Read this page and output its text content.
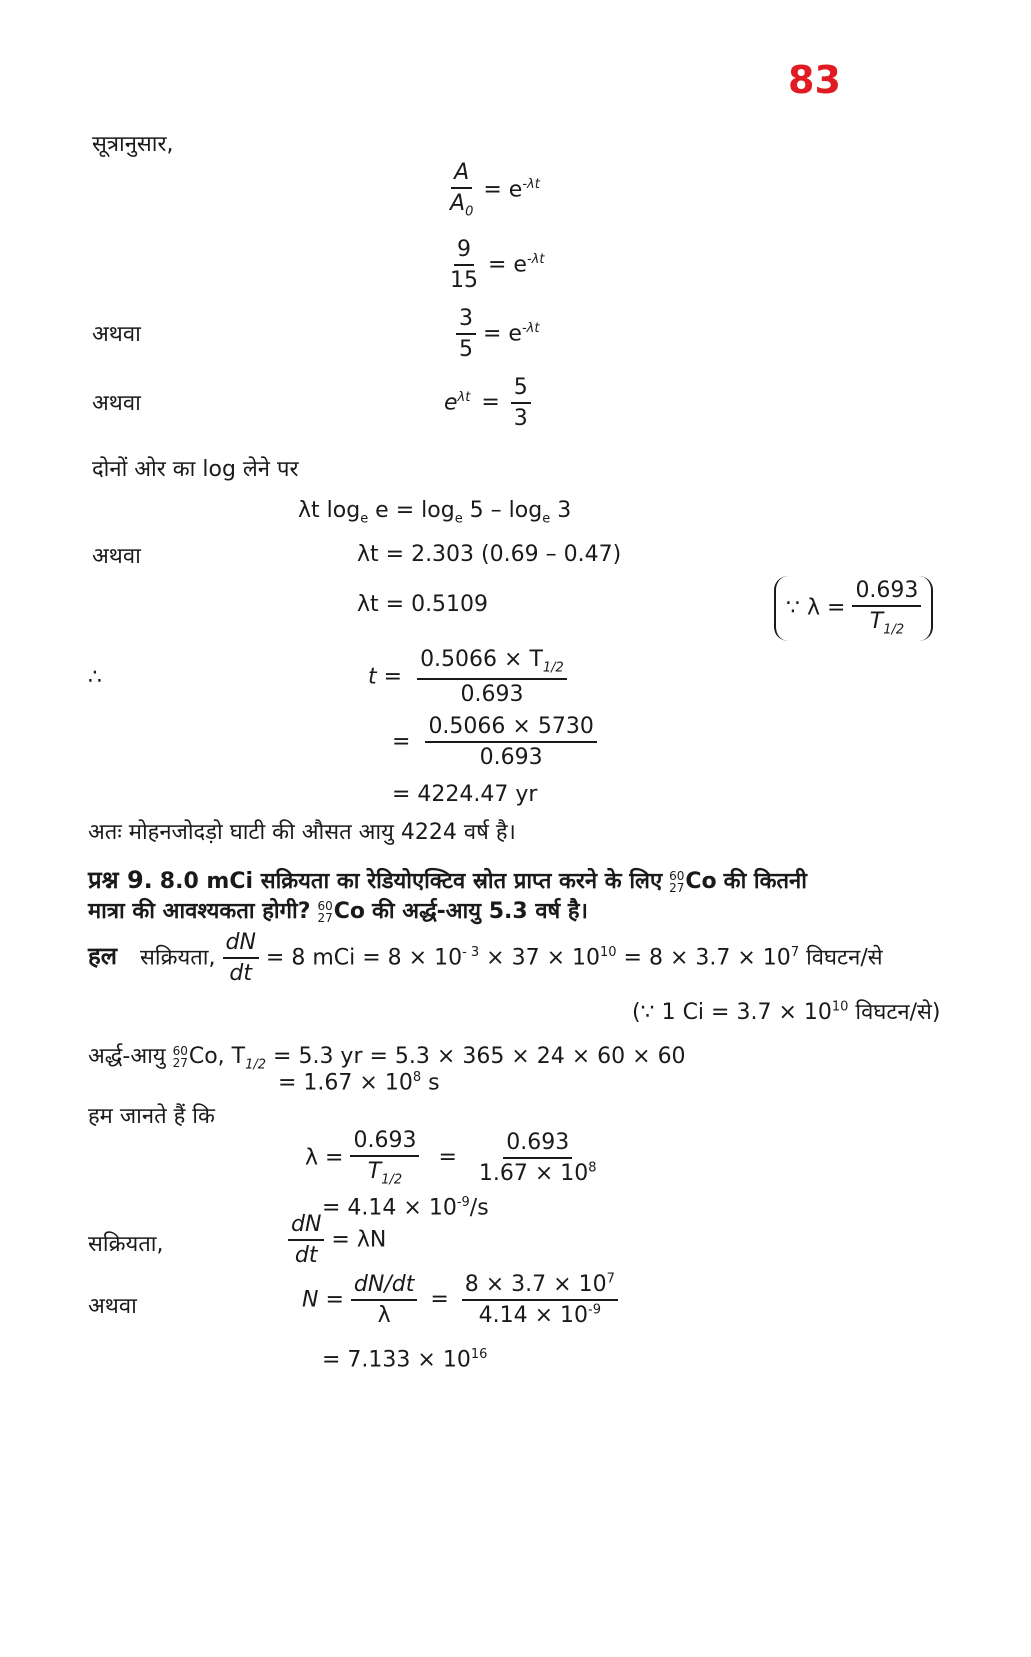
83
सूत्रानुसार,
$\frac{A}{A_0} = e^{-\lambda t}$
$\frac{9}{15} = e^{-\lambda t}$
अथवा	$\frac{3}{5} = e^{-\lambda t}$
अथवा	$e^{\lambda t} = \frac{5}{3}$
दोनों ओर का log लेने पर
λt $\log_e e = \log_e 5 - \log_e 3$
अथवा	λt = 2.303 (0.69 – 0.47)
λt = 0.5109	∵ $\lambda = \frac{0.693}{T_{1/2}}$
∴	$t = \frac{0.5066 \times T_{1/2}}{0.693}$
= $\frac{0.5066 \times 5730}{0.693}$
= 4224.47 yr
अतः मोहनजोदड़ो घाटी की औसत आयु 4224 वर्ष है।
प्रश्न 9. 8.0 mCi सक्रियता का रेडियोएक्टिव स्रोत प्राप्त करने के लिए 60
27 Co की कितनी
मात्रा की आवश्यकता होगी? 60
27 Co की अर्द्ध-आयु 5.3 वर्ष है।
हल सक्रियता, $\frac{dN}{dt} = 8$ mCi = $8 \times 10^{- 3} \times 37 \times 10^{10} = 8 \times 3.7 \times 10^7$ विघटन/से
(∵ 1 $Ci = 3.7 \times 10^{10}$ विघटन/से)
अर्द्ध-आयु 60
27 Co, $T_{1/2} = 5.3$ yr = 5.3 × 365 × 24 × 60 × 60
= $1.67 \times 10^8$ s
हम जानते हैं कि
$\lambda = \frac{0.693}{T_{1/2}} = \frac{0.693}{1.67 \times 10^8}$
= $4.14 \times 10^{-9}/s$
सक्रियता,	$\frac{dN}{dt} = \lambda N$
अथवा	$N = \frac{dN/dt}{\lambda} = \frac{8 \times 3.7 \times 10^7}{4.14 \times 10^{-9}}$
= $7.133 \times 10^{16}$
